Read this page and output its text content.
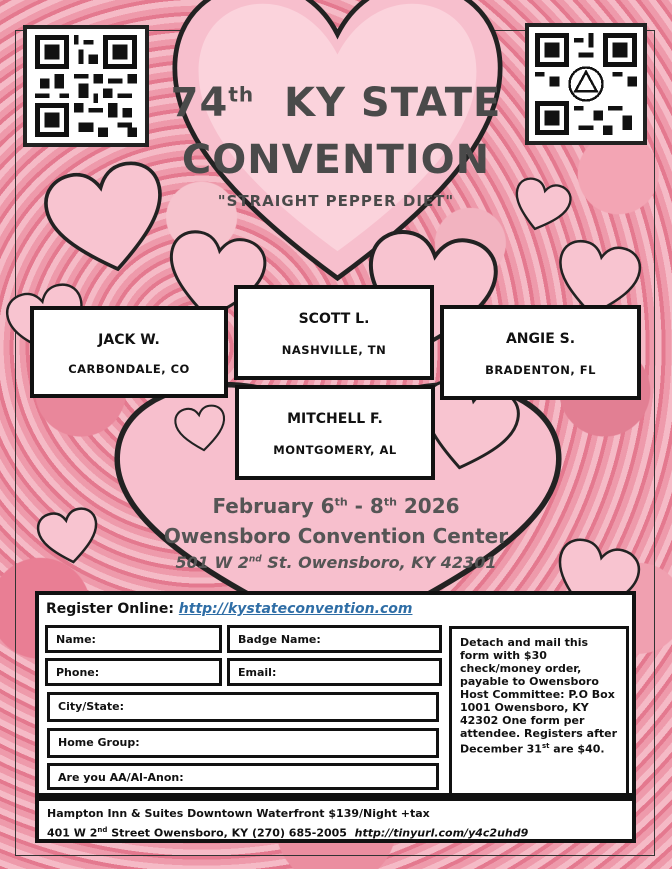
74th KY STATE
CONVENTION
"STRAIGHT PEPPER DIET"
JACK W.
CARBONDALE, CO
SCOTT L.
NASHVILLE, TN
ANGIE S.
BRADENTON, FL
MITCHELL F.
MONTGOMERY, AL
February 6th - 8th 2026
Owensboro Convention Center
501 W 2nd St. Owensboro, KY 42301
Register Online: http://kystateconvention.com
Name:	Badge Name:
Phone:	Email:
City/State:
Home Group:
Are you AA/Al-Anon:
Detach and mail this form with $30 check/money order, payable to Owensboro Host Committee: P.O Box 1001 Owensboro, KY 42302 One form per attendee. Registers after December 31st are $40.
Hampton Inn & Suites Downtown Waterfront $139/Night +tax
401 W 2nd Street Owensboro, KY (270) 685-2005 http://tinyurl.com/y4c2uhd9
